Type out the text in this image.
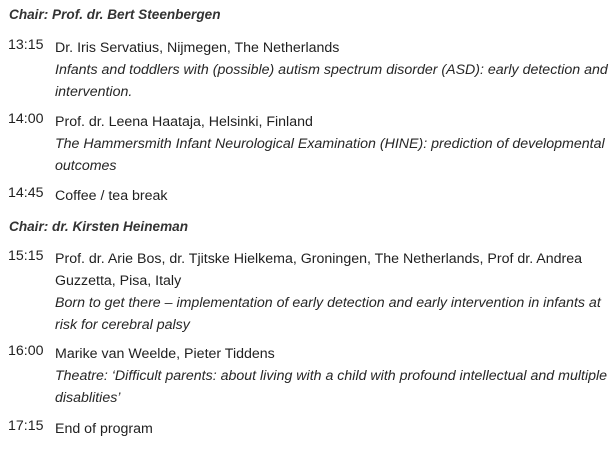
Chair: Prof. dr. Bert Steenbergen
13:15 Dr. Iris Servatius, Nijmegen, The Netherlands
Infants and toddlers with (possible) autism spectrum disorder (ASD): early detection and intervention.
14:00 Prof. dr. Leena Haataja, Helsinki, Finland
The Hammersmith Infant Neurological Examination (HINE): prediction of developmental outcomes
14:45 Coffee / tea break
Chair: dr. Kirsten Heineman
15:15 Prof. dr. Arie Bos, dr. Tjitske Hielkema, Groningen, The Netherlands, Prof dr. Andrea Guzzetta, Pisa, Italy
Born to get there – implementation of early detection and early intervention in infants at risk for cerebral palsy
16:00 Marike van Weelde, Pieter Tiddens
Theatre: ‘Difficult parents: about living with a child with profound intellectual and multiple disablities’
17:15 End of program
